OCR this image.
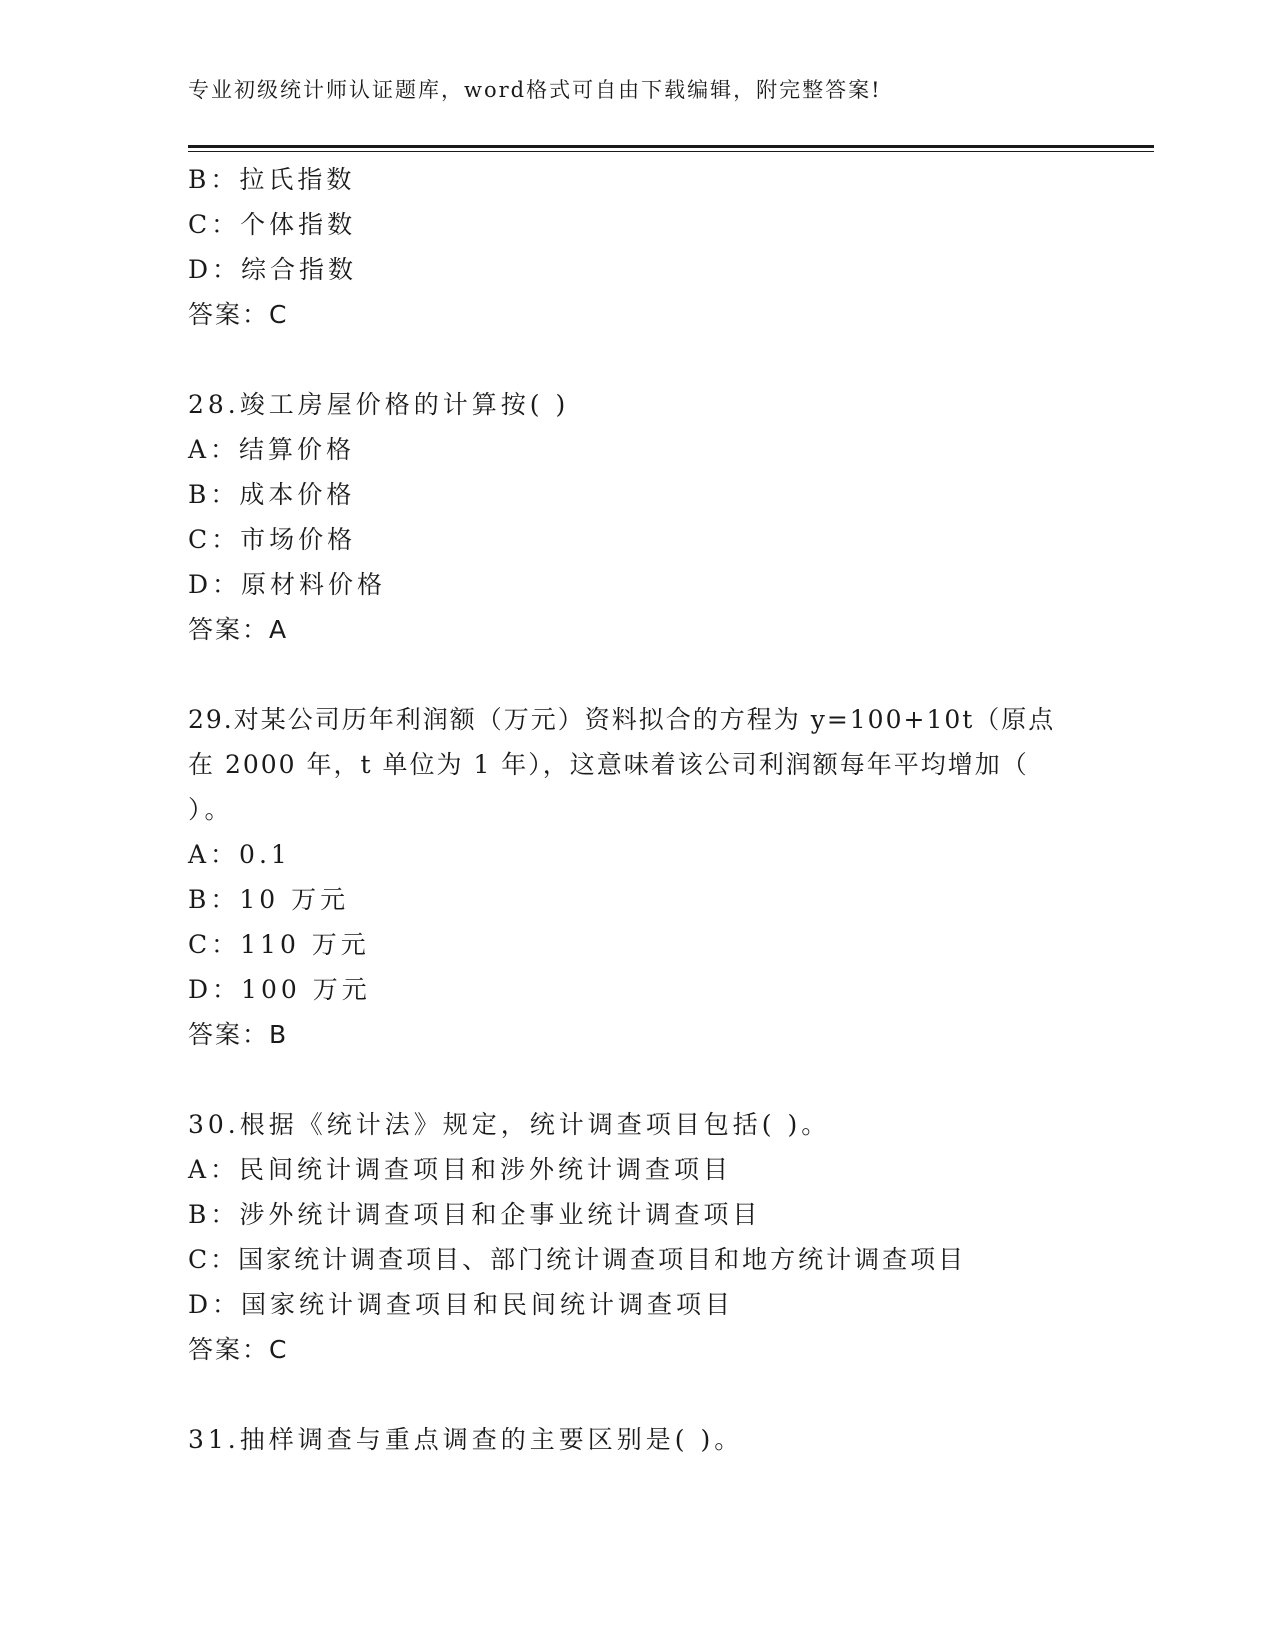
专业初级统计师认证题库，word格式可自由下载编辑，附完整答案!
B：拉氏指数
C：个体指数
D：综合指数
答案：C
28.竣工房屋价格的计算按( )
A：结算价格
B：成本价格
C：市场价格
D：原材料价格
答案：A
29.对某公司历年利润额（万元）资料拟合的方程为 y=100+10t（原点
在 2000 年，t 单位为 1 年），这意味着该公司利润额每年平均增加（
）。
A：0.1
B：10 万元
C：110 万元
D：100 万元
答案：B
30.根据《统计法》规定，统计调查项目包括( )。
A：民间统计调查项目和涉外统计调查项目
B：涉外统计调查项目和企事业统计调查项目
C：国家统计调查项目、部门统计调查项目和地方统计调查项目
D：国家统计调查项目和民间统计调查项目
答案：C
31.抽样调查与重点调查的主要区别是( )。
